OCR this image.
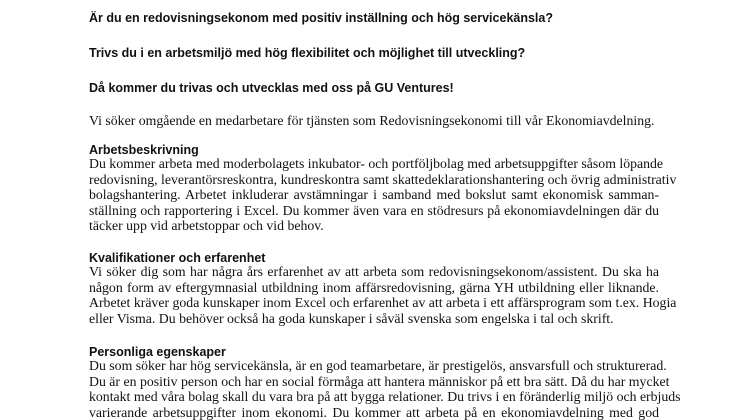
Är du en redovisningsekonom med positiv inställning och hög servicekänsla?
Trivs du i en arbetsmiljö med hög flexibilitet och möjlighet till utveckling?
Då kommer du trivas och utvecklas med oss på GU Ventures!
Vi söker omgående en medarbetare för tjänsten som Redovisningsekonomi till vår Ekonomiavdelning.
Arbetsbeskrivning
Du kommer arbeta med moderbolagets inkubator- och portföljbolag med arbetsuppgifter såsom löpande
redovisning, leverantörsreskontra, kundreskontra samt skattedeklarationshantering och övrig administrativ
bolagshantering. Arbetet inkluderar avstämningar i samband med bokslut samt ekonomisk samman-
ställning och rapportering i Excel. Du kommer även vara en stödresurs på ekonomiavdelningen där du
täcker upp vid arbetstoppar och vid behov.
Kvalifikationer och erfarenhet
Vi söker dig som har några års erfarenhet av att arbeta som redovisningsekonom/assistent. Du ska ha
någon form av eftergymnasial utbildning inom affärsredovisning, gärna YH utbildning eller liknande.
Arbetet kräver goda kunskaper inom Excel och erfarenhet av att arbeta i ett affärsprogram som t.ex. Hogia
eller Visma. Du behöver också ha goda kunskaper i såväl svenska som engelska i tal och skrift.
Personliga egenskaper
Du som söker har hög servicekänsla, är en god teamarbetare, är prestigelös, ansvarsfull och strukturerad.
Du är en positiv person och har en social förmåga att hantera människor på ett bra sätt. Då du har mycket
kontakt med våra bolag skall du vara bra på att bygga relationer. Du trivs i en föränderlig miljö och erbjuds
varierande arbetsuppgifter inom ekonomi. Du kommer att arbeta på en ekonomiavdelning med god
